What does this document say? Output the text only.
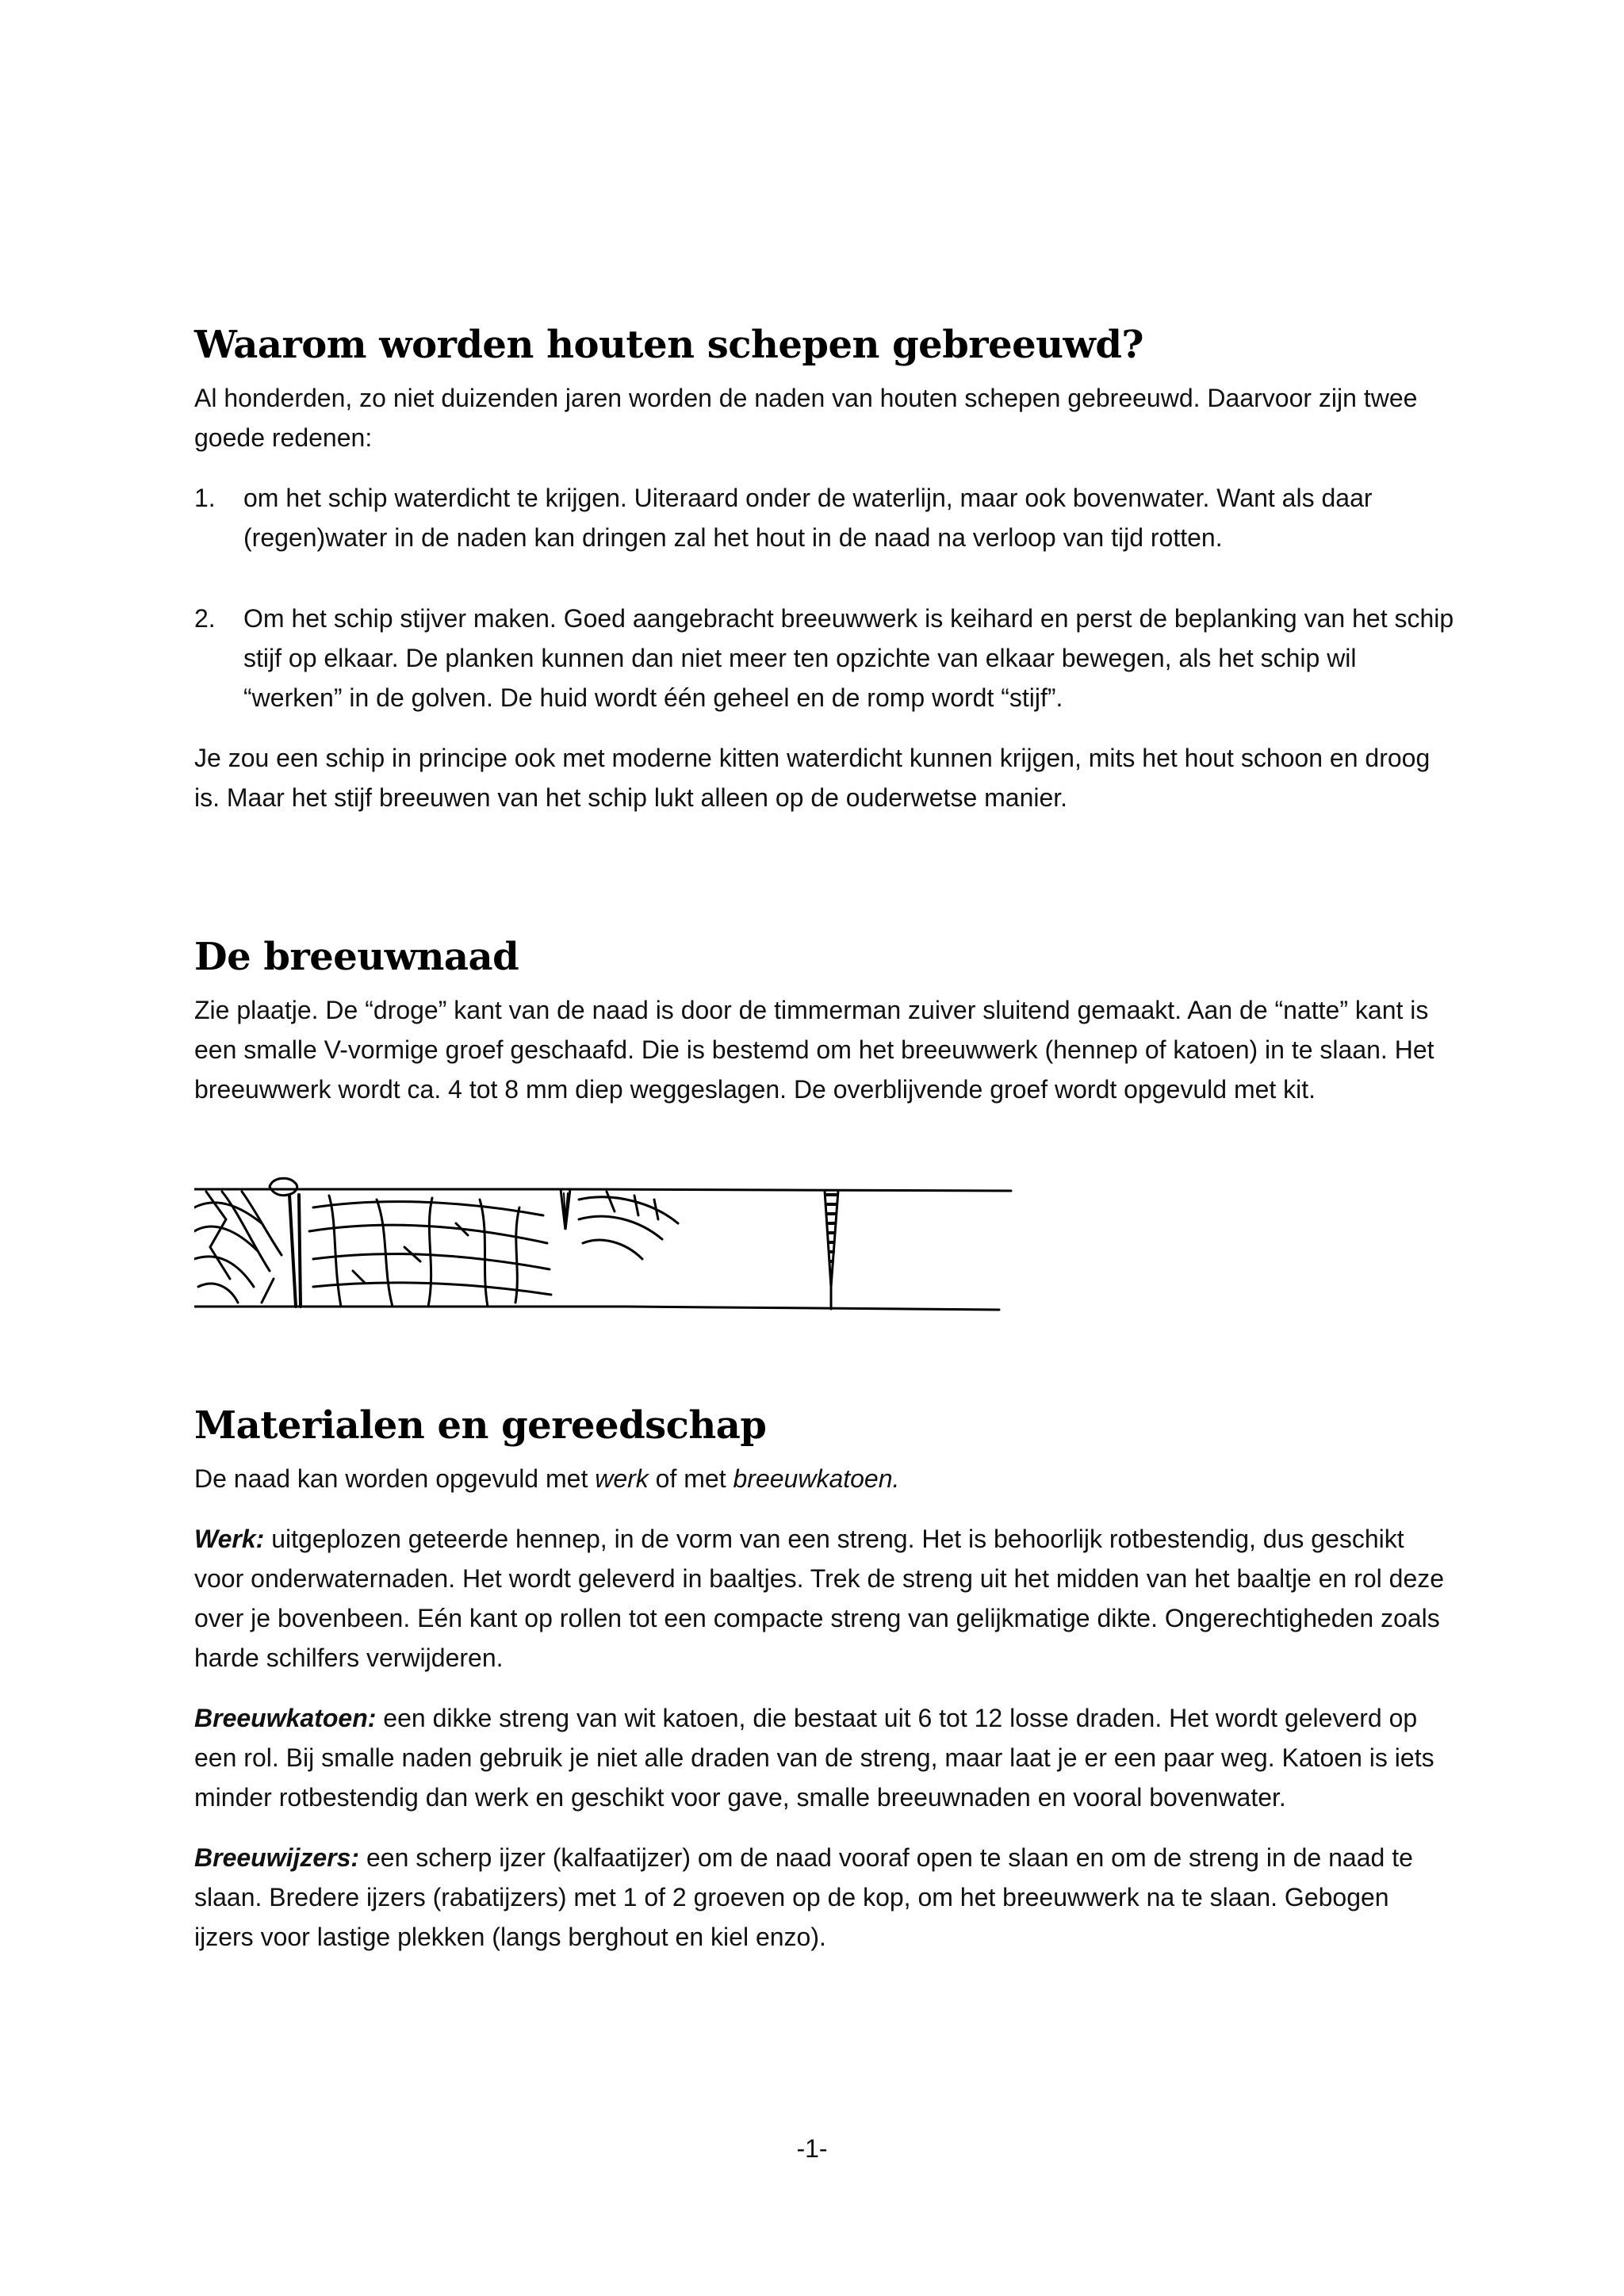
Waarom worden houten schepen gebreeuwd?

Al honderden, zo niet duizenden jaren worden de naden van houten schepen gebreeuwd. Daarvoor zijn twee goede redenen:

1. om het schip waterdicht te krijgen. Uiteraard onder de waterlijn, maar ook bovenwater. Want als daar (regen)water in de naden kan dringen zal het hout in de naad na verloop van tijd rotten.
2. Om het schip stijver maken. Goed aangebracht breeuwwerk is keihard en perst de beplanking van het schip stijf op elkaar. De planken kunnen dan niet meer ten opzichte van elkaar bewegen, als het schip wil “werken” in de golven. De huid wordt één geheel en de romp wordt “stijf”.

Je zou een schip in principe ook met moderne kitten waterdicht kunnen krijgen, mits het hout schoon en droog is. Maar het stijf breeuwen van het schip lukt alleen op de ouderwetse manier.

De breeuwnaad

Zie plaatje. De “droge” kant van de naad is door de timmerman zuiver sluitend gemaakt. Aan de “natte” kant is een smalle V-vormige groef geschaafd. Die is bestemd om het breeuwwerk (hennep of katoen) in te slaan. Het breeuwwerk wordt ca. 4 tot 8 mm diep weggeslagen. De overblijvende groef wordt opgevuld met kit.

Materialen en gereedschap

De naad kan worden opgevuld met werk of met breeuwkatoen.

Werk: uitgeplozen geteerde hennep, in de vorm van een streng. Het is behoorlijk rotbestendig, dus geschikt voor onderwaternaden. Het wordt geleverd in baaltjes. Trek de streng uit het midden van het baaltje en rol deze over je bovenbeen. Eén kant op rollen tot een compacte streng van gelijkmatige dikte. Ongerechtigheden zoals harde schilfers verwijderen.

Breeuwkatoen: een dikke streng van wit katoen, die bestaat uit 6 tot 12 losse draden. Het wordt geleverd op een rol. Bij smalle naden gebruik je niet alle draden van de streng, maar laat je er een paar weg. Katoen is iets minder rotbestendig dan werk en geschikt voor gave, smalle breeuwnaden en vooral bovenwater.

Breeuwijzers: een scherp ijzer (kalfaatijzer) om de naad vooraf open te slaan en om de streng in de naad te slaan. Bredere ijzers (rabatijzers) met 1 of 2 groeven op de kop, om het breeuwwerk na te slaan. Gebogen ijzers voor lastige plekken (langs berghout en kiel enzo).

-1-
